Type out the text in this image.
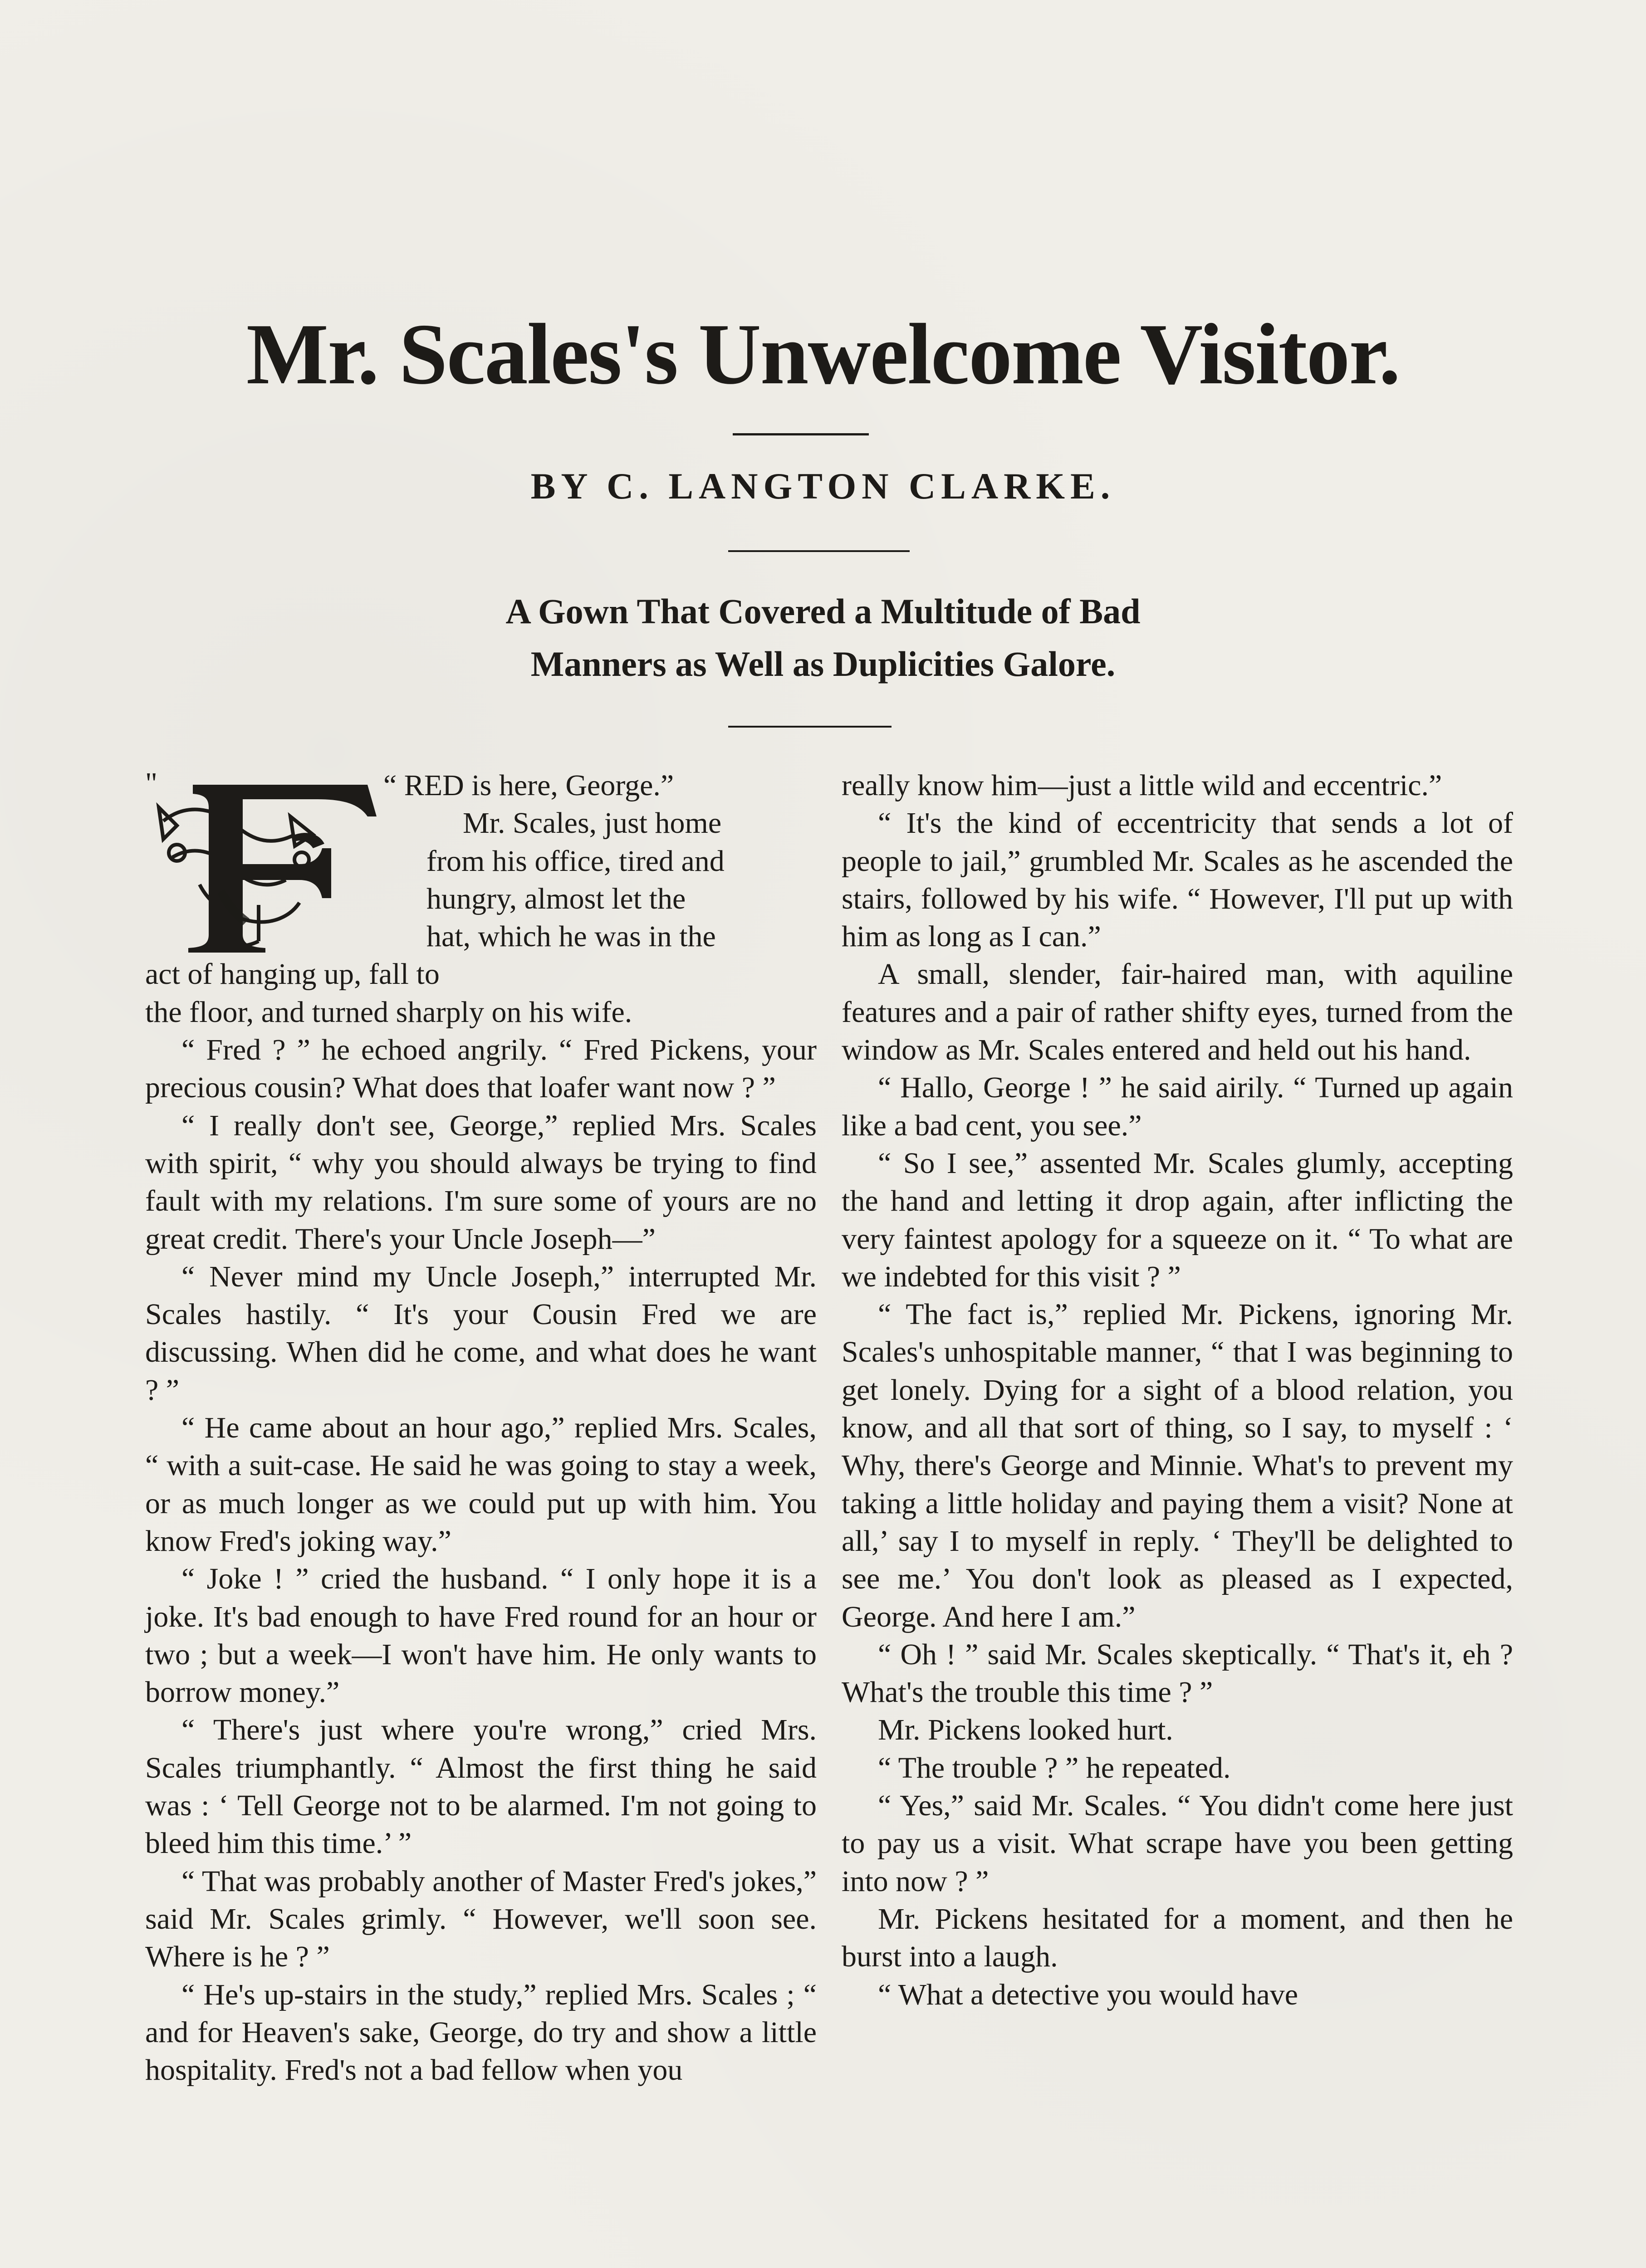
Mr. Scales's Unwelcome Visitor.
BY C. LANGTON CLARKE.
A Gown That Covered a Multitude of Bad
Manners as Well as Duplicities Galore.
"	“ RED is here, George.”

Mr. Scales, just home

from his office, tired and

hungry, almost let the

hat, which he was in the

act of hanging up, fall to

the floor, and turned sharply on his wife.

“ Fred ? ” he echoed angrily. “ Fred Pickens, your precious cousin? What does that loafer want now ? ”

“ I really don't see, George,” replied Mrs. Scales with spirit, “ why you should always be trying to find fault with my relations. I'm sure some of yours are no great credit. There's your Uncle Joseph—”

“ Never mind my Uncle Joseph,” interrupted Mr. Scales hastily. “ It's your Cousin Fred we are discussing. When did he come, and what does he want ? ”

“ He came about an hour ago,” replied Mrs. Scales, “ with a suit-case. He said he was going to stay a week, or as much longer as we could put up with him. You know Fred's joking way.”

“ Joke ! ” cried the husband. “ I only hope it is a joke. It's bad enough to have Fred round for an hour or two ; but a week—I won't have him. He only wants to borrow money.”

“ There's just where you're wrong,” cried Mrs. Scales triumphantly. “ Almost the first thing he said was : ‘ Tell George not to be alarmed. I'm not going to bleed him this time.’ ”

“ That was probably another of Master Fred's jokes,” said Mr. Scales grimly. “ However, we'll soon see. Where is he ? ”

“ He's up-stairs in the study,” replied Mrs. Scales ; “ and for Heaven's sake, George, do try and show a little hospitality. Fred's not a bad fellow when you

really know him—just a little wild and eccentric.”

“ It's the kind of eccentricity that sends a lot of people to jail,” grumbled Mr. Scales as he ascended the stairs, followed by his wife. “ However, I'll put up with him as long as I can.”

A small, slender, fair-haired man, with aquiline features and a pair of rather shifty eyes, turned from the window as Mr. Scales entered and held out his hand.

“ Hallo, George ! ” he said airily. “ Turned up again like a bad cent, you see.”

“ So I see,” assented Mr. Scales glumly, accepting the hand and letting it drop again, after inflicting the very faintest apology for a squeeze on it. “ To what are we indebted for this visit ? ”

“ The fact is,” replied Mr. Pickens, ignoring Mr. Scales's unhospitable manner, “ that I was beginning to get lonely. Dying for a sight of a blood relation, you know, and all that sort of thing, so I say, to myself : ‘ Why, there's George and Minnie. What's to prevent my taking a little holiday and paying them a visit? None at all,’ say I to myself in reply. ‘ They'll be delighted to see me.’ You don't look as pleased as I expected, George. And here I am.”

“ Oh ! ” said Mr. Scales skeptically. “ That's it, eh ? What's the trouble this time ? ”

Mr. Pickens looked hurt.

“ The trouble ? ” he repeated.

“ Yes,” said Mr. Scales. “ You didn't come here just to pay us a visit. What scrape have you been getting into now ? ”

Mr. Pickens hesitated for a moment, and then he burst into a laugh.

“ What a detective you would have
